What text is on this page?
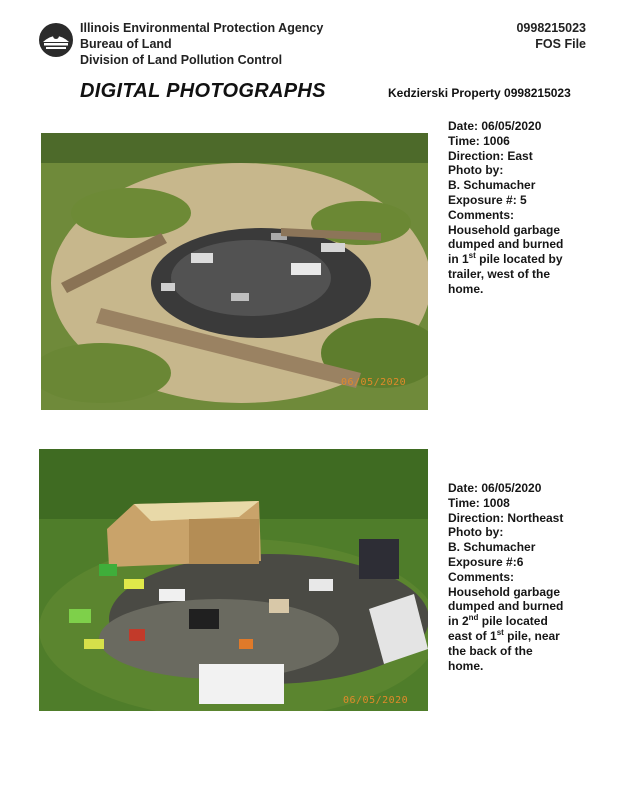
Illinois Environmental Protection Agency
Bureau of Land
Division of Land Pollution Control
0998215023
FOS File
DIGITAL PHOTOGRAPHS	Kedzierski Property 0998215023
06/05/2020
Date: 06/05/2020
Time: 1006
Direction: East
Photo by:
B. Schumacher
Exposure #: 5
Comments:
Household garbage
dumped and burned
in 1st pile located by
trailer, west of the
home.
06/05/2020
Date: 06/05/2020
Time: 1008
Direction: Northeast
Photo by:
B. Schumacher
Exposure #:6
Comments:
Household garbage
dumped and burned
in 2nd pile located
east of 1st pile, near
the back of the
home.
